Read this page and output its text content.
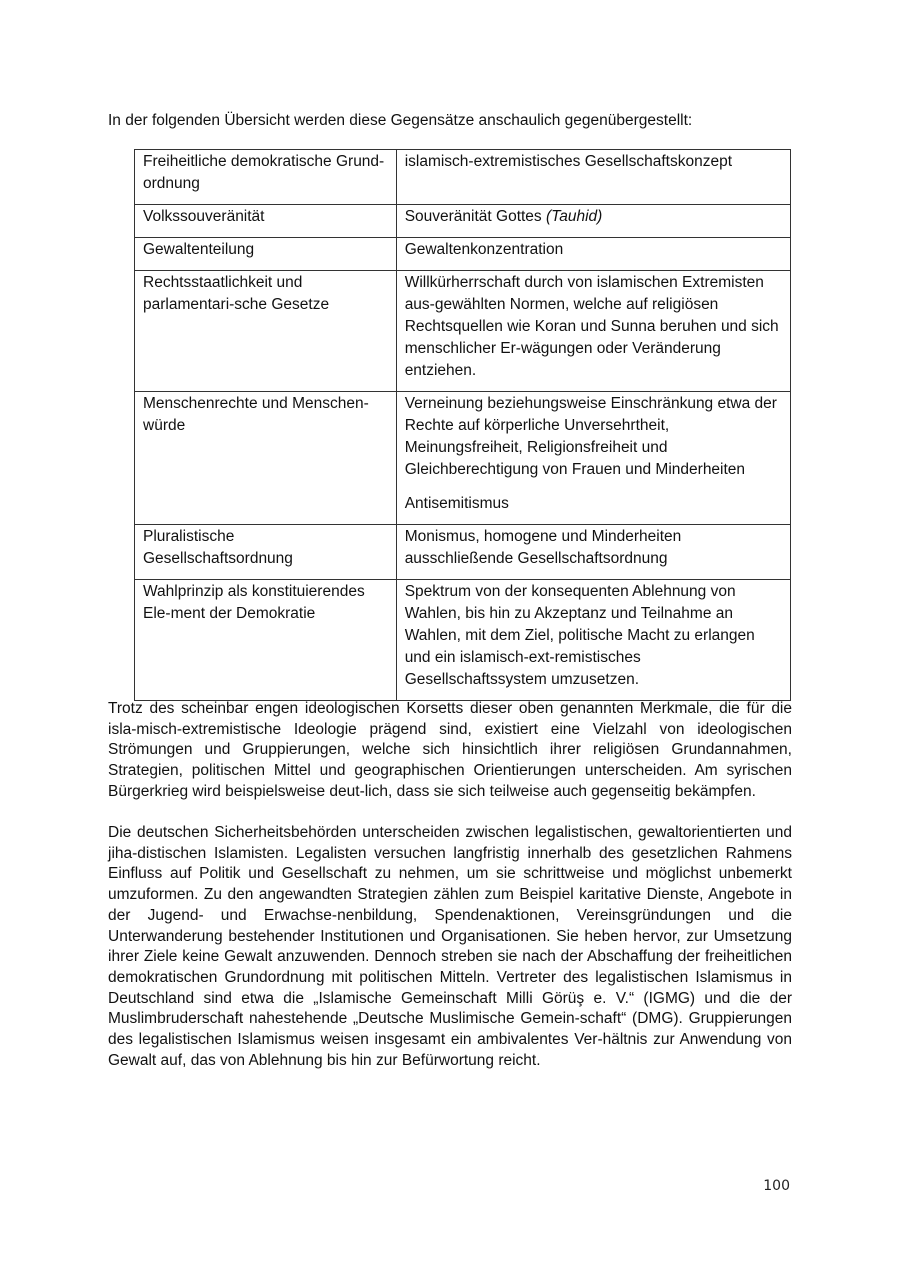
In der folgenden Übersicht werden diese Gegensätze anschaulich gegenübergestellt:

Freiheitliche demokratische Grund-ordnung	islamisch-extremistisches Gesellschaftskonzept
Volkssouveränität	Souveränität Gottes (Tauhid)
Gewaltenteilung	Gewaltenkonzentration
Rechtsstaatlichkeit und parlamentari-sche Gesetze	Willkürherrschaft durch von islamischen Extremisten aus-gewählten Normen, welche auf religiösen Rechtsquellen wie Koran und Sunna beruhen und sich menschlicher Er-wägungen oder Veränderung entziehen.
Menschenrechte und Menschen-würde	Verneinung beziehungsweise Einschränkung etwa der Rechte auf körperliche Unversehrtheit, Meinungsfreiheit, Religionsfreiheit und Gleichberechtigung von Frauen und Minderheiten
Antisemitismus

Pluralistische Gesellschaftsordnung	Monismus, homogene und Minderheiten ausschließende Gesellschaftsordnung
Wahlprinzip als konstituierendes Ele-ment der Demokratie	Spektrum von der konsequenten Ablehnung von Wahlen, bis hin zu Akzeptanz und Teilnahme an Wahlen, mit dem Ziel, politische Macht zu erlangen und ein islamisch-ext-remistisches Gesellschaftssystem umzusetzen.

Trotz des scheinbar engen ideologischen Korsetts dieser oben genannten Merkmale, die für die isla-misch-extremistische Ideologie prägend sind, existiert eine Vielzahl von ideologischen Strömungen und Gruppierungen, welche sich hinsichtlich ihrer religiösen Grundannahmen, Strategien, politischen Mittel und geographischen Orientierungen unterscheiden. Am syrischen Bürgerkrieg wird beispielsweise deut-lich, dass sie sich teilweise auch gegenseitig bekämpfen.

Die deutschen Sicherheitsbehörden unterscheiden zwischen legalistischen, gewaltorientierten und jiha-distischen Islamisten. Legalisten versuchen langfristig innerhalb des gesetzlichen Rahmens Einfluss auf Politik und Gesellschaft zu nehmen, um sie schrittweise und möglichst unbemerkt umzuformen. Zu den angewandten Strategien zählen zum Beispiel karitative Dienste, Angebote in der Jugend- und Erwachse-nenbildung, Spendenaktionen, Vereinsgründungen und die Unterwanderung bestehender Institutionen und Organisationen. Sie heben hervor, zur Umsetzung ihrer Ziele keine Gewalt anzuwenden. Dennoch streben sie nach der Abschaffung der freiheitlichen demokratischen Grundordnung mit politischen Mitteln. Vertreter des legalistischen Islamismus in Deutschland sind etwa die „Islamische Gemeinschaft Milli Görüş e. V.“ (IGMG) und die der Muslimbruderschaft nahestehende „Deutsche Muslimische Gemein-schaft“ (DMG). Gruppierungen des legalistischen Islamismus weisen insgesamt ein ambivalentes Ver-hältnis zur Anwendung von Gewalt auf, das von Ablehnung bis hin zur Befürwortung reicht.

100
